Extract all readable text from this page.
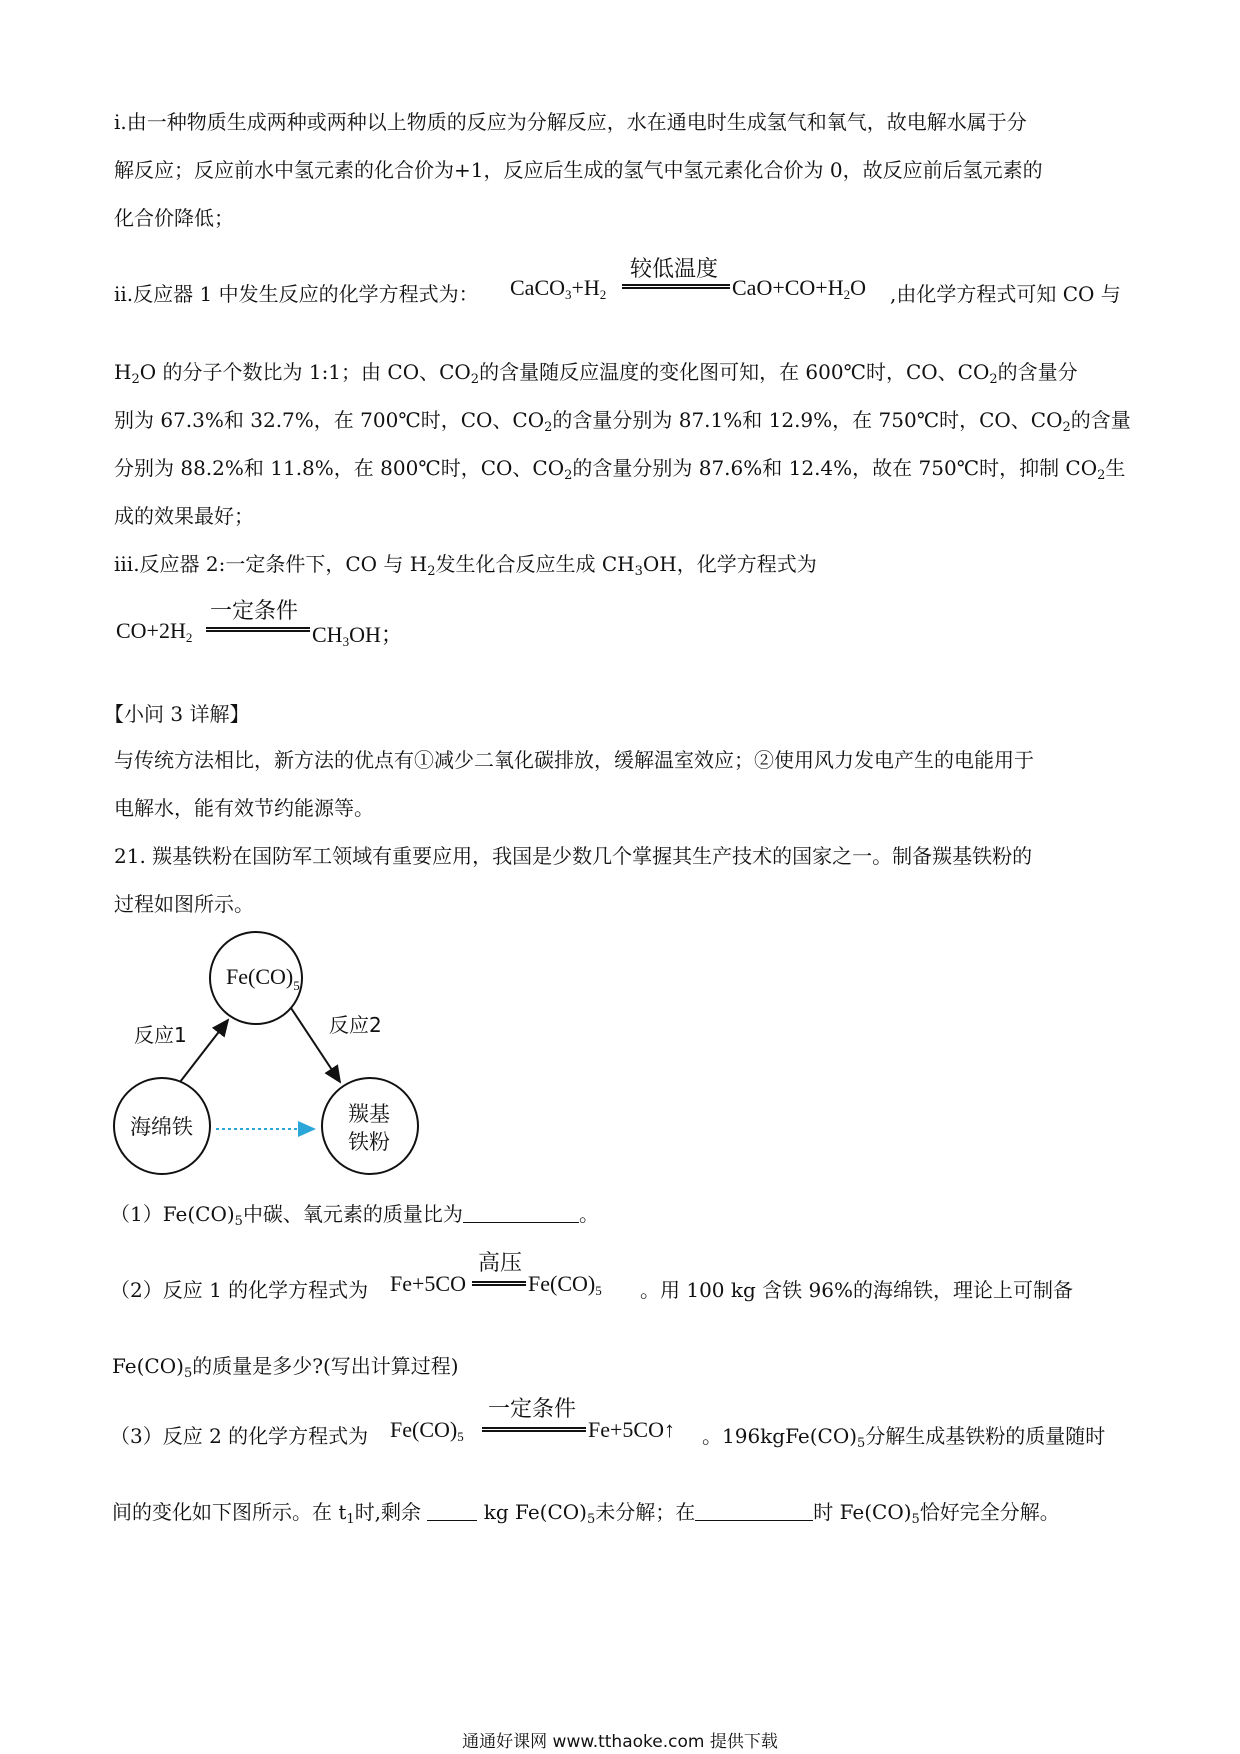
i.由一种物质生成两种或两种以上物质的反应为分解反应，水在通电时生成氢气和氧气，故电解水属于分
解反应；反应前水中氢元素的化合价为+1，反应后生成的氢气中氢元素化合价为 0，故反应前后氢元素的
化合价降低；
ii.反应器 1 中发生反应的化学方程式为： $CaCO_3+H_2$
较低温度
$CaO+CO+H_2O$ ,由化学方程式可知 CO 与
$H_2O$ 的分子个数比为 1:1；由 CO、$CO_2$的含量随反应温度的变化图可知，在 600℃时，CO、$CO_2$的含量分
别为 67.3%和 32.7%，在 700℃时，CO、$CO_2$的含量分别为 87.1%和 12.9%，在 750℃时，CO、$CO_2$的含量
分别为 88.2%和 11.8%，在 800℃时，CO、$CO_2$的含量分别为 87.6%和 12.4%，故在 750℃时，抑制 $CO_2$生
成的效果最好；
iii.反应器 2:一定条件下，CO 与 $H_2$发生化合反应生成 $CH_3OH$，化学方程式为
$CO+2H_2$
一定条件
$CH_3OH$；
【小问 3 详解】
与传统方法相比，新方法的优点有①减少二氧化碳排放，缓解温室效应；②使用风力发电产生的电能用于
电解水，能有效节约能源等。
21. 羰基铁粉在国防军工领域有重要应用，我国是少数几个掌握其生产技术的国家之一。制备羰基铁粉的
过程如图所示。
$Fe(CO)_5$
海绵铁
羰基
铁粉
反应1	反应2
$(1)Fe(CO)_5$中碳、氧元素的质量比为	。
（2）反应 1 的化学方程式为 Fe+5CO
高压
$Fe(CO)_5$ 。用 100 kg 含铁 96%的海绵铁，理论上可制备
$Fe(CO)_5$的质量是多少?(写出计算过程)
（3）反应 2 的化学方程式为 $Fe(CO)_5$
一定条件
Fe+5CO↑ 。$196kgFe(CO)_5$分解生成基铁粉的质量随时
间的变化如下图所示。在 $t_1$时,剩余	kg $Fe(CO)_5$未分解；在	时 $Fe(CO)_5$恰好完全分解。
通通好课网 www.tthaoke.com 提供下载
